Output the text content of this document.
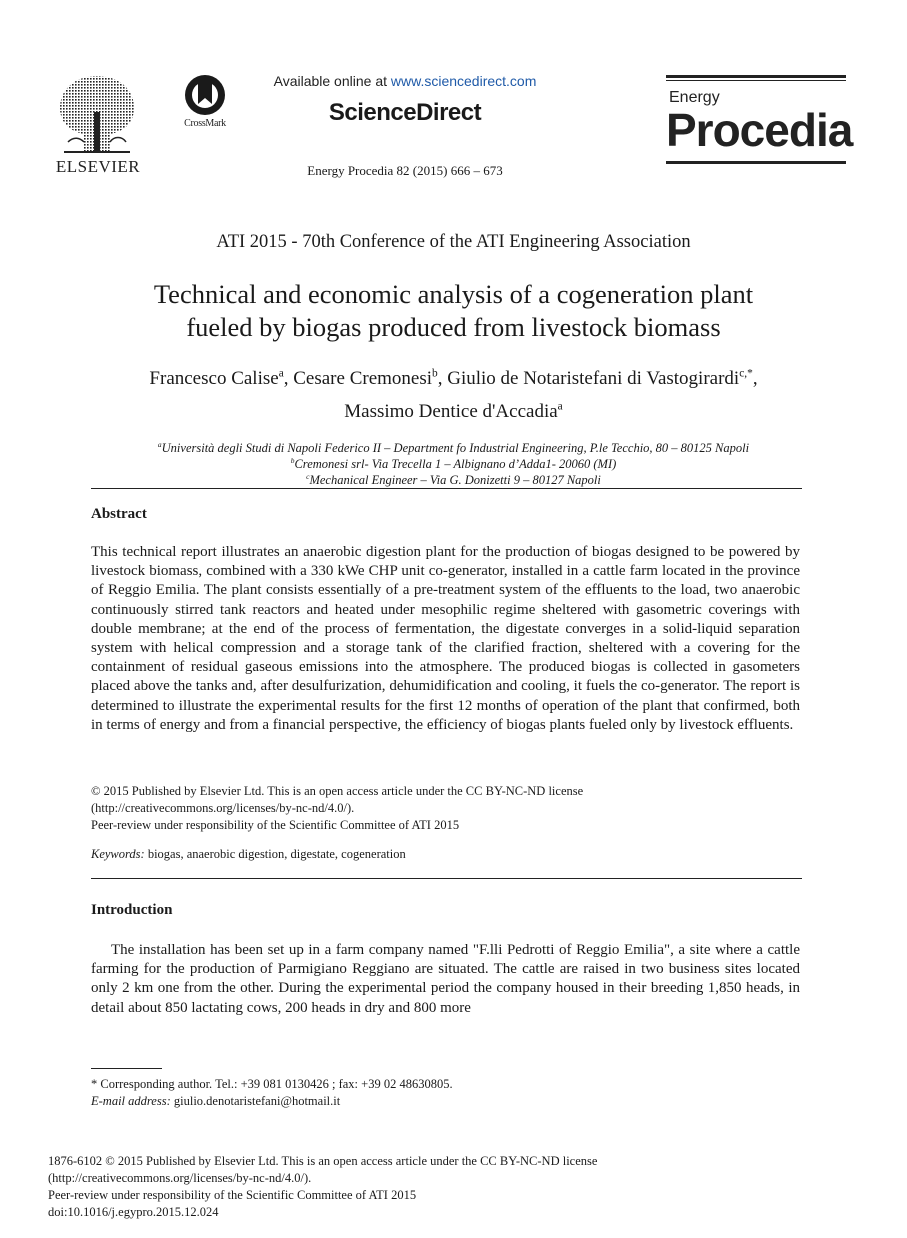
ELSEVIER
CrossMark
Available online at www.sciencedirect.com
ScienceDirect
Energy Procedia 82 (2015) 666 – 673
Energy
Procedia
ATI 2015 - 70th Conference of the ATI Engineering Association
Technical and economic analysis of a cogeneration plant
fueled by biogas produced from livestock biomass
Francesco Calise$^a$, Cesare Cremonesi$^b$, Giulio de Notaristefani di Vastogirardi$^{c,*}$,
Massimo Dentice d'Accadia$^a$
$^a$Università degli Studi di Napoli Federico II – Department fo Industrial Engineering, P.le Tecchio, 80 – 80125 Napoli
$^b$Cremonesi srl- Via Trecella 1 – Albignano d’Adda1- 20060 (MI)
$^c$Mechanical Engineer – Via G. Donizetti 9 – 80127 Napoli
Abstract
This technical report illustrates an anaerobic digestion plant for the production of biogas designed to be powered by livestock biomass, combined with a 330 kWe CHP unit co-generator, installed in a cattle farm located in the province of Reggio Emilia. The plant consists essentially of a pre-treatment system of the effluents to the load, two anaerobic continuously stirred tank reactors and heated under mesophilic regime sheltered with gasometric coverings with double membrane; at the end of the process of fermentation, the digestate converges in a solid-liquid separation system with helical compression and a storage tank of the clarified fraction, sheltered with a covering for the containment of residual gaseous emissions into the atmosphere. The produced biogas is collected in gasometers placed above the tanks and, after desulfurization, dehumidification and cooling, it fuels the co-generator. The report is determined to illustrate the experimental results for the first 12 months of operation of the plant that confirmed, both in terms of energy and from a financial perspective, the efficiency of biogas plants fueled only by livestock effluents.
© 2015 Published by Elsevier Ltd. This is an open access article under the CC BY-NC-ND license
(http://creativecommons.org/licenses/by-nc-nd/4.0/).
Peer-review under responsibility of the Scientific Committee of ATI 2015
Keywords: biogas, anaerobic digestion, digestate, cogeneration
Introduction
The installation has been set up in a farm company named "F.lli Pedrotti of Reggio Emilia", a site where a cattle farming for the production of Parmigiano Reggiano are situated. The cattle are raised in two business sites located only 2 km one from the other. During the experimental period the company housed in their breeding 1,850 heads, in detail about 850 lactating cows, 200 heads in dry and 800 more
* Corresponding author. Tel.: +39 081 0130426 ; fax: +39 02 48630805.
E-mail address: giulio.denotaristefani@hotmail.it
1876-6102 © 2015 Published by Elsevier Ltd. This is an open access article under the CC BY-NC-ND license
(http://creativecommons.org/licenses/by-nc-nd/4.0/).
Peer-review under responsibility of the Scientific Committee of ATI 2015
doi:10.1016/j.egypro.2015.12.024
